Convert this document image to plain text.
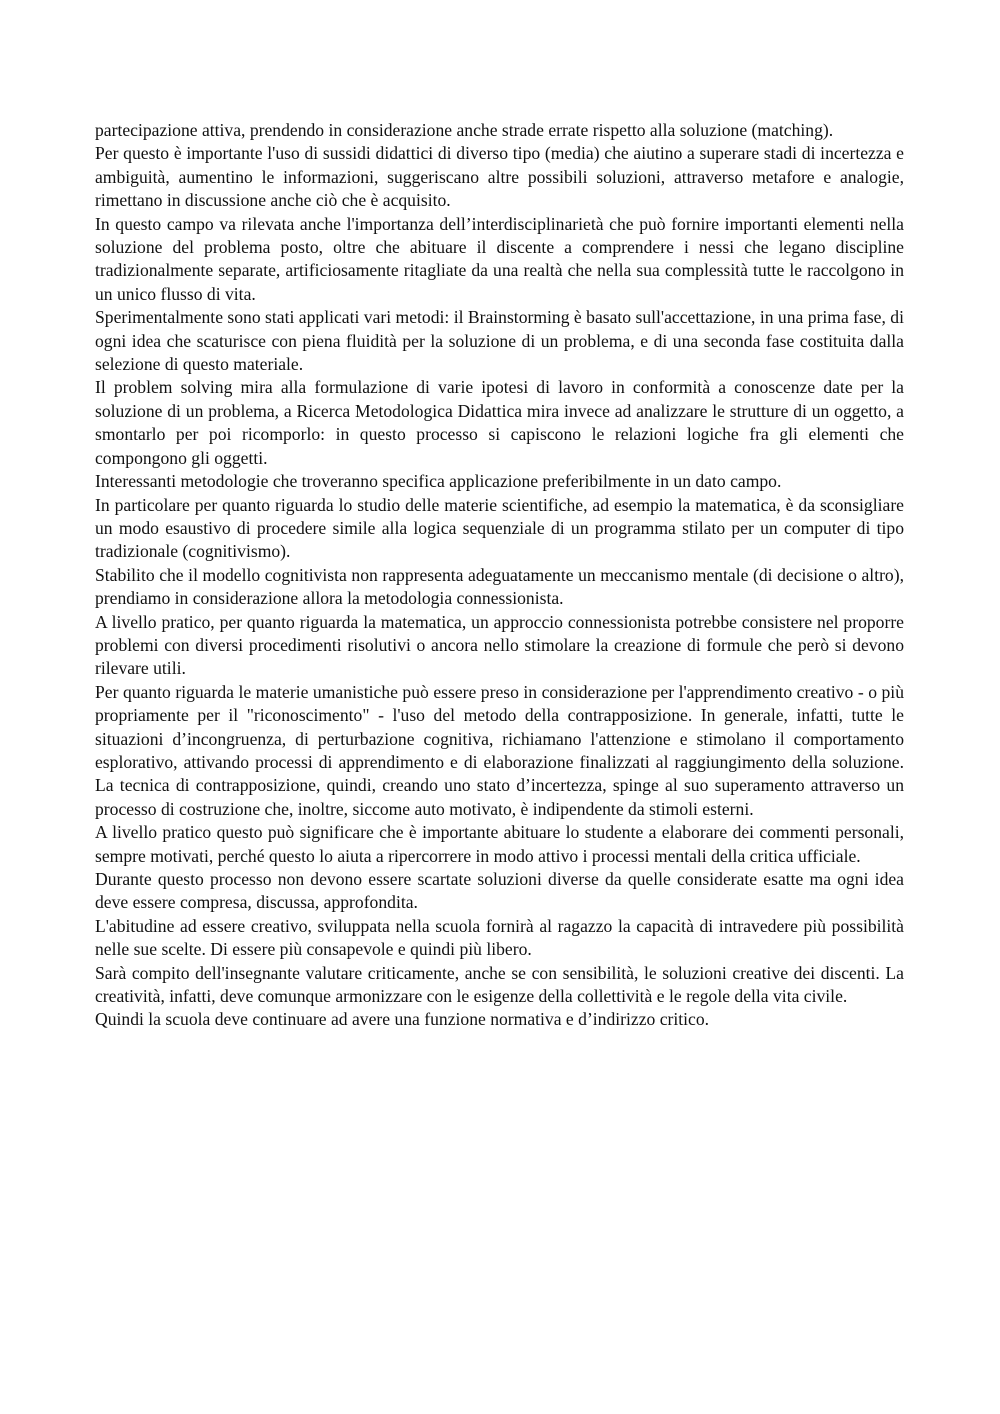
partecipazione attiva, prendendo in considerazione anche strade errate rispetto alla soluzione (matching).

Per questo è importante l'uso di sussidi didattici di diverso tipo (media) che aiutino a superare stadi di incertezza e ambiguità, aumentino le informazioni, suggeriscano altre possibili soluzioni, attraverso metafore e analogie, rimettano in discussione anche ciò che è acquisito.

In questo campo va rilevata anche l'importanza dell’interdisciplinarietà che può fornire importanti elementi nella soluzione del problema posto, oltre che abituare il discente a comprendere i nessi che legano discipline tradizionalmente separate, artificiosamente ritagliate da una realtà che nella sua complessità tutte le raccolgono in un unico flusso di vita.

Sperimentalmente sono stati applicati vari metodi: il Brainstorming è basato sull'accettazione, in una prima fase, di ogni idea che scaturisce con piena fluidità per la soluzione di un problema, e di una seconda fase costituita dalla selezione di questo materiale.

Il problem solving mira alla formulazione di varie ipotesi di lavoro in conformità a conoscenze date per la soluzione di un problema, a Ricerca Metodologica Didattica mira invece ad analizzare le strutture di un oggetto, a smontarlo per poi ricomporlo: in questo processo si capiscono le relazioni logiche fra gli elementi che compongono gli oggetti.

Interessanti metodologie che troveranno specifica applicazione preferibilmente in un dato campo.

In particolare per quanto riguarda lo studio delle materie scientifiche, ad esempio la matematica, è da sconsigliare un modo esaustivo di procedere simile alla logica sequenziale di un programma stilato per un computer di tipo tradizionale (cognitivismo).

Stabilito che il modello cognitivista non rappresenta adeguatamente un meccanismo mentale (di decisione o altro), prendiamo in considerazione allora la metodologia connessionista.

A livello pratico, per quanto riguarda la matematica, un approccio connessionista potrebbe consistere nel proporre problemi con diversi procedimenti risolutivi o ancora nello stimolare la creazione di formule che però si devono rilevare utili.

Per quanto riguarda le materie umanistiche può essere preso in considerazione per l'apprendimento creativo - o più propriamente per il "riconoscimento" - l'uso del metodo della contrapposizione. In generale, infatti, tutte le situazioni d’incongruenza, di perturbazione cognitiva, richiamano l'attenzione e stimolano il comportamento esplorativo, attivando processi di apprendimento e di elaborazione finalizzati al raggiungimento della soluzione. La tecnica di contrapposizione, quindi, creando uno stato d’incertezza, spinge al suo superamento attraverso un processo di costruzione che, inoltre, siccome auto motivato, è indipendente da stimoli esterni.

A livello pratico questo può significare che è importante abituare lo studente a elaborare dei commenti personali, sempre motivati, perché questo lo aiuta a ripercorrere in modo attivo i processi mentali della critica ufficiale.

Durante questo processo non devono essere scartate soluzioni diverse da quelle considerate esatte ma ogni idea deve essere compresa, discussa, approfondita.

L'abitudine ad essere creativo, sviluppata nella scuola fornirà al ragazzo la capacità di intravedere più possibilità nelle sue scelte. Di essere più consapevole e quindi più libero.

Sarà compito dell'insegnante valutare criticamente, anche se con sensibilità, le soluzioni creative dei discenti. La creatività, infatti, deve comunque armonizzare con le esigenze della collettività e le regole della vita civile.

Quindi la scuola deve continuare ad avere una funzione normativa e d’indirizzo critico.
